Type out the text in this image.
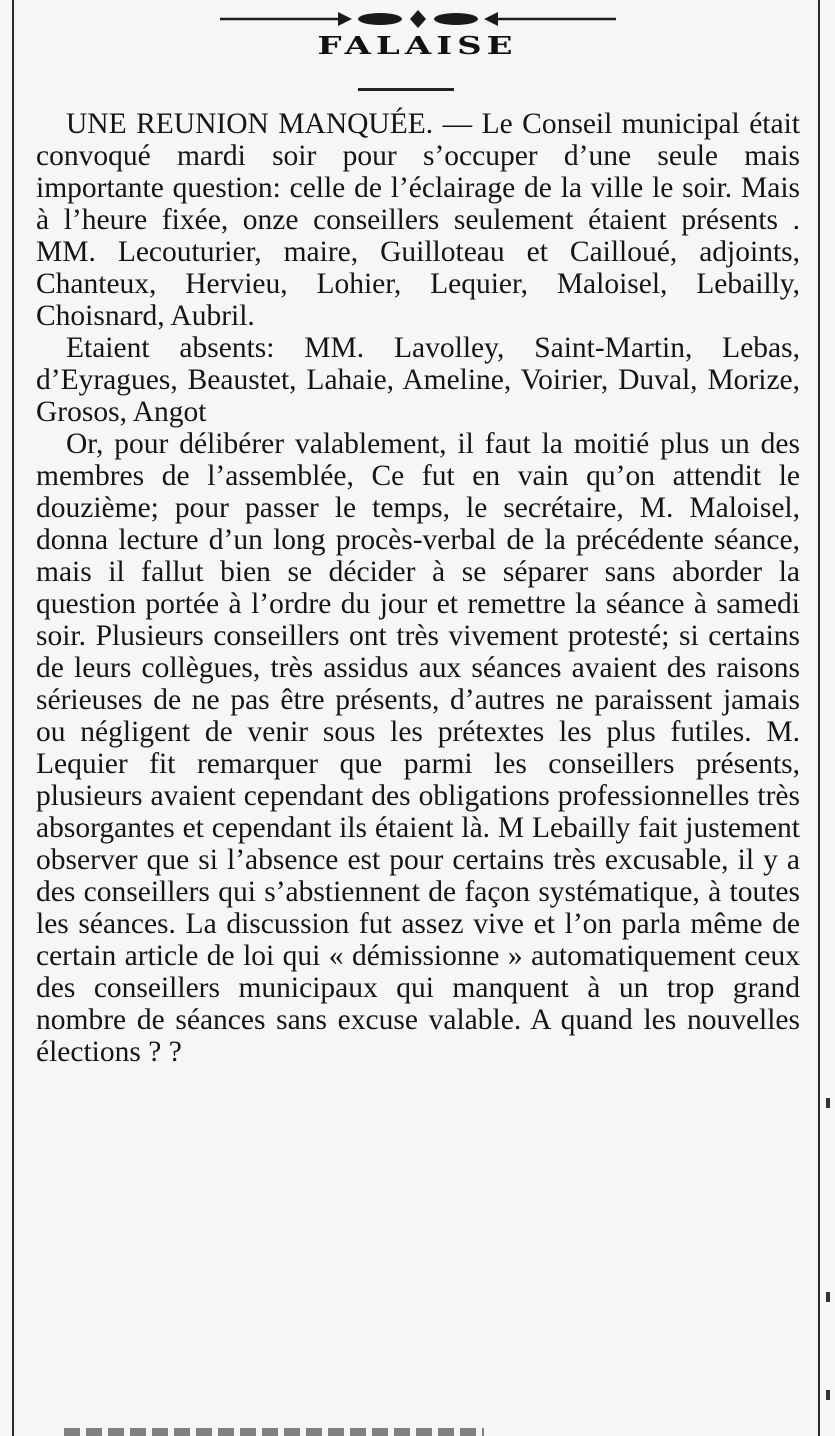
FALAISE

UNE REUNION MANQUÉE. — Le Conseil municipal était convoqué mardi soir pour s’occuper d’une seule mais importante question: celle de l’éclairage de la ville le soir. Mais à l’heure fixée, onze conseillers seulement étaient présents . MM. Lecouturier, maire, Guilloteau et Cailloué, adjoints, Chanteux, Hervieu, Lohier, Lequier, Maloisel, Lebailly, Choisnard, Aubril.

Etaient absents: MM. Lavolley, Saint-Martin, Lebas, d’Eyragues, Beaustet, Lahaie, Ameline, Voirier, Duval, Morize, Grosos, Angot

Or, pour délibérer valablement, il faut la moitié plus un des membres de l’assemblée, Ce fut en vain qu’on attendit le douzième; pour passer le temps, le secrétaire, M. Maloisel, donna lecture d’un long procès-verbal de la précédente séance, mais il fallut bien se décider à se séparer sans aborder la question portée à l’ordre du jour et remettre la séance à samedi soir. Plusieurs conseillers ont très vivement protesté; si certains de leurs collègues, très assidus aux séances avaient des raisons sérieuses de ne pas être présents, d’autres ne paraissent jamais ou négligent de venir sous les prétextes les plus futiles. M. Lequier fit remarquer que parmi les conseillers présents, plusieurs avaient cependant des obligations professionnelles très absorgantes et cependant ils étaient là. M Lebailly fait justement observer que si l’absence est pour certains très excusable, il y a des conseillers qui s’abstiennent de façon systématique, à toutes les séances. La discussion fut assez vive et l’on parla même de certain article de loi qui « démissionne » automatiquement ceux des conseillers municipaux qui manquent à un trop grand nombre de séances sans excuse valable. A quand les nouvelles élections ? ?
